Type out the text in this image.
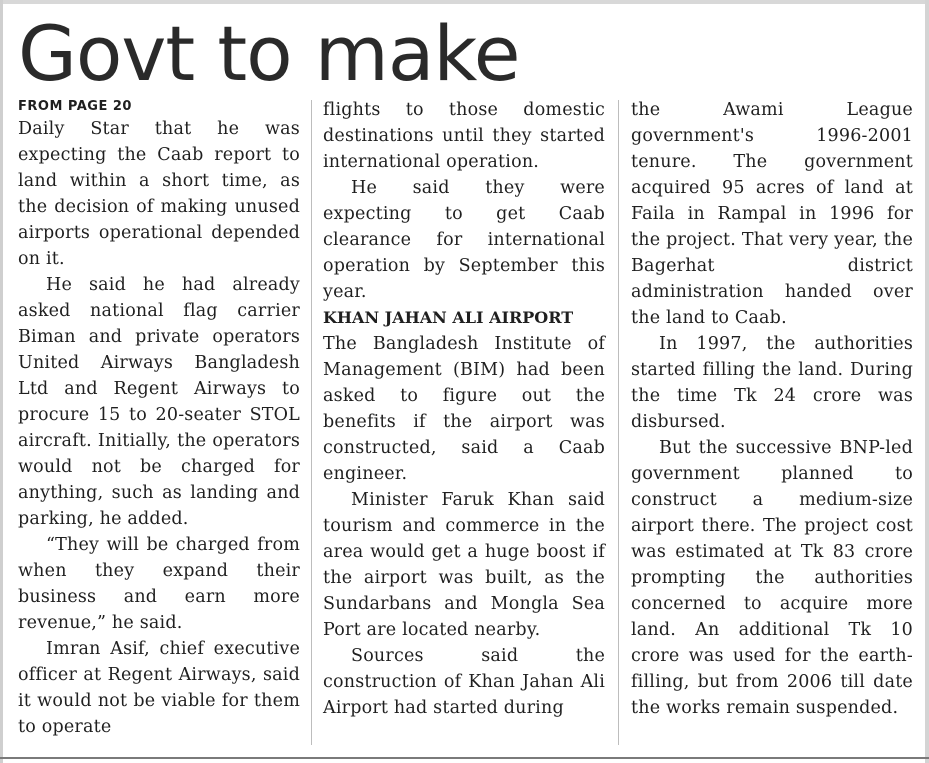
Govt to make
FROM PAGE 20

Daily Star that he was expecting the Caab report to land within a short time, as the decision of making unused airports operational depended on it.

He said he had already asked national flag carrier Biman and private operators United Airways Bangladesh Ltd and Regent Airways to procure 15 to 20-seater STOL aircraft. Initially, the operators would not be charged for anything, such as landing and parking, he added.

“They will be charged from when they expand their business and earn more revenue,” he said.

Imran Asif, chief executive officer at Regent Airways, said it would not be viable for them to operate

flights to those domestic destinations until they started international operation.

He said they were expecting to get Caab clearance for international operation by September this year.

KHAN JAHAN ALI AIRPORT

The Bangladesh Institute of Management (BIM) had been asked to figure out the benefits if the airport was constructed, said a Caab engineer.

Minister Faruk Khan said tourism and commerce in the area would get a huge boost if the airport was built, as the Sundarbans and Mongla Sea Port are located nearby.

Sources said the construction of Khan Jahan Ali Airport had started during

the Awami League government's 1996-2001 tenure. The government acquired 95 acres of land at Faila in Rampal in 1996 for the project. That very year, the Bagerhat district administration handed over the land to Caab.

In 1997, the authorities started filling the land. During the time Tk 24 crore was disbursed.

But the successive BNP-led government planned to construct a medium-size airport there. The project cost was estimated at Tk 83 crore prompting the authorities concerned to acquire more land. An additional Tk 10 crore was used for the earth-filling, but from 2006 till date the works remain suspended.
